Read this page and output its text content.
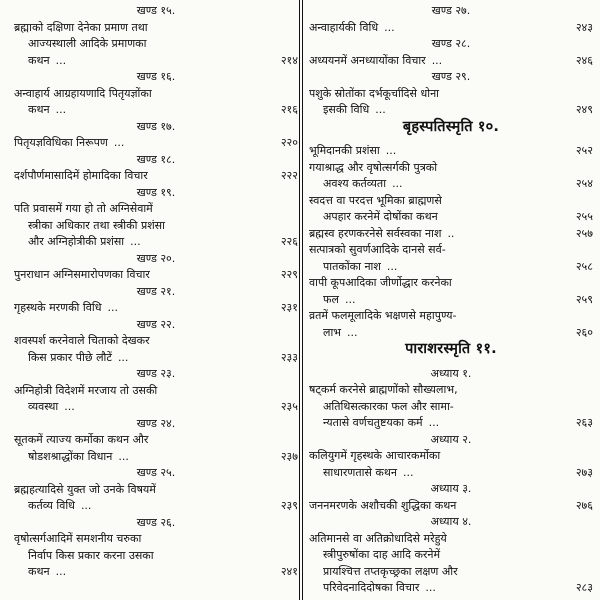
खण्ड १५.
ब्रह्माको दक्षिणा देनेका प्रमाण तथा
आज्यस्थाली आदिके प्रमाणका
कथन ...	२१४
खण्ड १६.
अन्वाहार्य आग्रहायणादि पितृयज्ञोंका
कथन ...	२१६
खण्ड १७.
पितृयज्ञविधिका निरूपण ...	२२०
खण्ड १८.
दर्शपौर्णमासादिमें होमादिका विचार	२२२
खण्ड १९.
पति प्रवासमें गया हो तो अग्निसेवामें
स्त्रीका अधिकार तथा स्त्रीकी प्रशंसा
और अग्निहोत्रीकी प्रशंसा ...	२२६
खण्ड २०.
पुनराधान अग्निसमारोपणका विचार	२२९
खण्ड २१.
गृहस्थके मरणकी विधि ...	२३१
खण्ड २२.
शवस्पर्श करनेवाले चिताको देखकर
किस प्रकार पीछे लौटें ...	२३३
खण्ड २३.
अग्निहोत्री विदेशमें मरजाय तो उसकी
व्यवस्था ...	२३५
खण्ड २४.
सूतकमें त्याज्य कर्मोका कथन और
षोडशश्राद्धोंका विधान ...	२३७
खण्ड २५.
ब्रह्महत्यादिसे युक्त जो उनके विषयमें
कर्तव्य विधि ...	२३९
खण्ड २६.
वृषोत्सर्गआदिमें समशनीय चरुका
निर्वाप किस प्रकार करना उसका
कथन ...	२४१
खण्ड २७.
अन्वाहार्यकी विधि ...	२४३
खण्ड २८.
अध्ययनमें अनध्यायोंका विचार ...	२४६
खण्ड २९.
पशुके स्रोतोंका दर्भकूर्चादिसे धोना
इसकी विधि ...	२४९
बृहस्पतिस्मृति १०.
भूमिदानकी प्रशंसा ...	२५२
गयाश्राद्ध और वृषोत्सर्गकी पुत्रको
अवश्य कर्तव्यता ...	२५४
स्वदत्त वा परदत्त भूमिका ब्राह्मणसे
अपहार करनेमें दोषोंका कथन	२५५
ब्रह्मस्व हरणकरनेसे सर्वस्वका नाश ..	२५७
सत्पात्रको सुवर्णआदिके दानसे सर्व-
पातकोंका नाश ...	२५८
वापी कूपआदिका जीर्णोद्धार करनेका
फल ...	२५९
व्रतमें फलमूलादिके भक्षणसे महापुण्य-
लाभ ...	२६०
पाराशरस्मृति ११.
अध्याय १.
षट्कर्म करनेसे ब्राह्मणोंको सौख्यलाभ,
अतिथिसत्कारका फल और सामा-
न्यतासे वर्णचतुष्टयका कर्म ...	२६३
अध्याय २.
कलियुगमें गृहस्थके आचारकर्मोका
साधारणतासे कथन ...	२७३
अध्याय ३.
जननमरणके अशौचकी शुद्धिका कथन	२७६
अध्याय ४.
अतिमानसे वा अतिक्रोधादिसे मरेहुये
स्त्रीपुरुषोंका दाह आदि करनेमें
प्रायश्चित्त तप्तकृच्छ्रका लक्षण और
परिवेदनादिदोषका विचार ...	२८३
